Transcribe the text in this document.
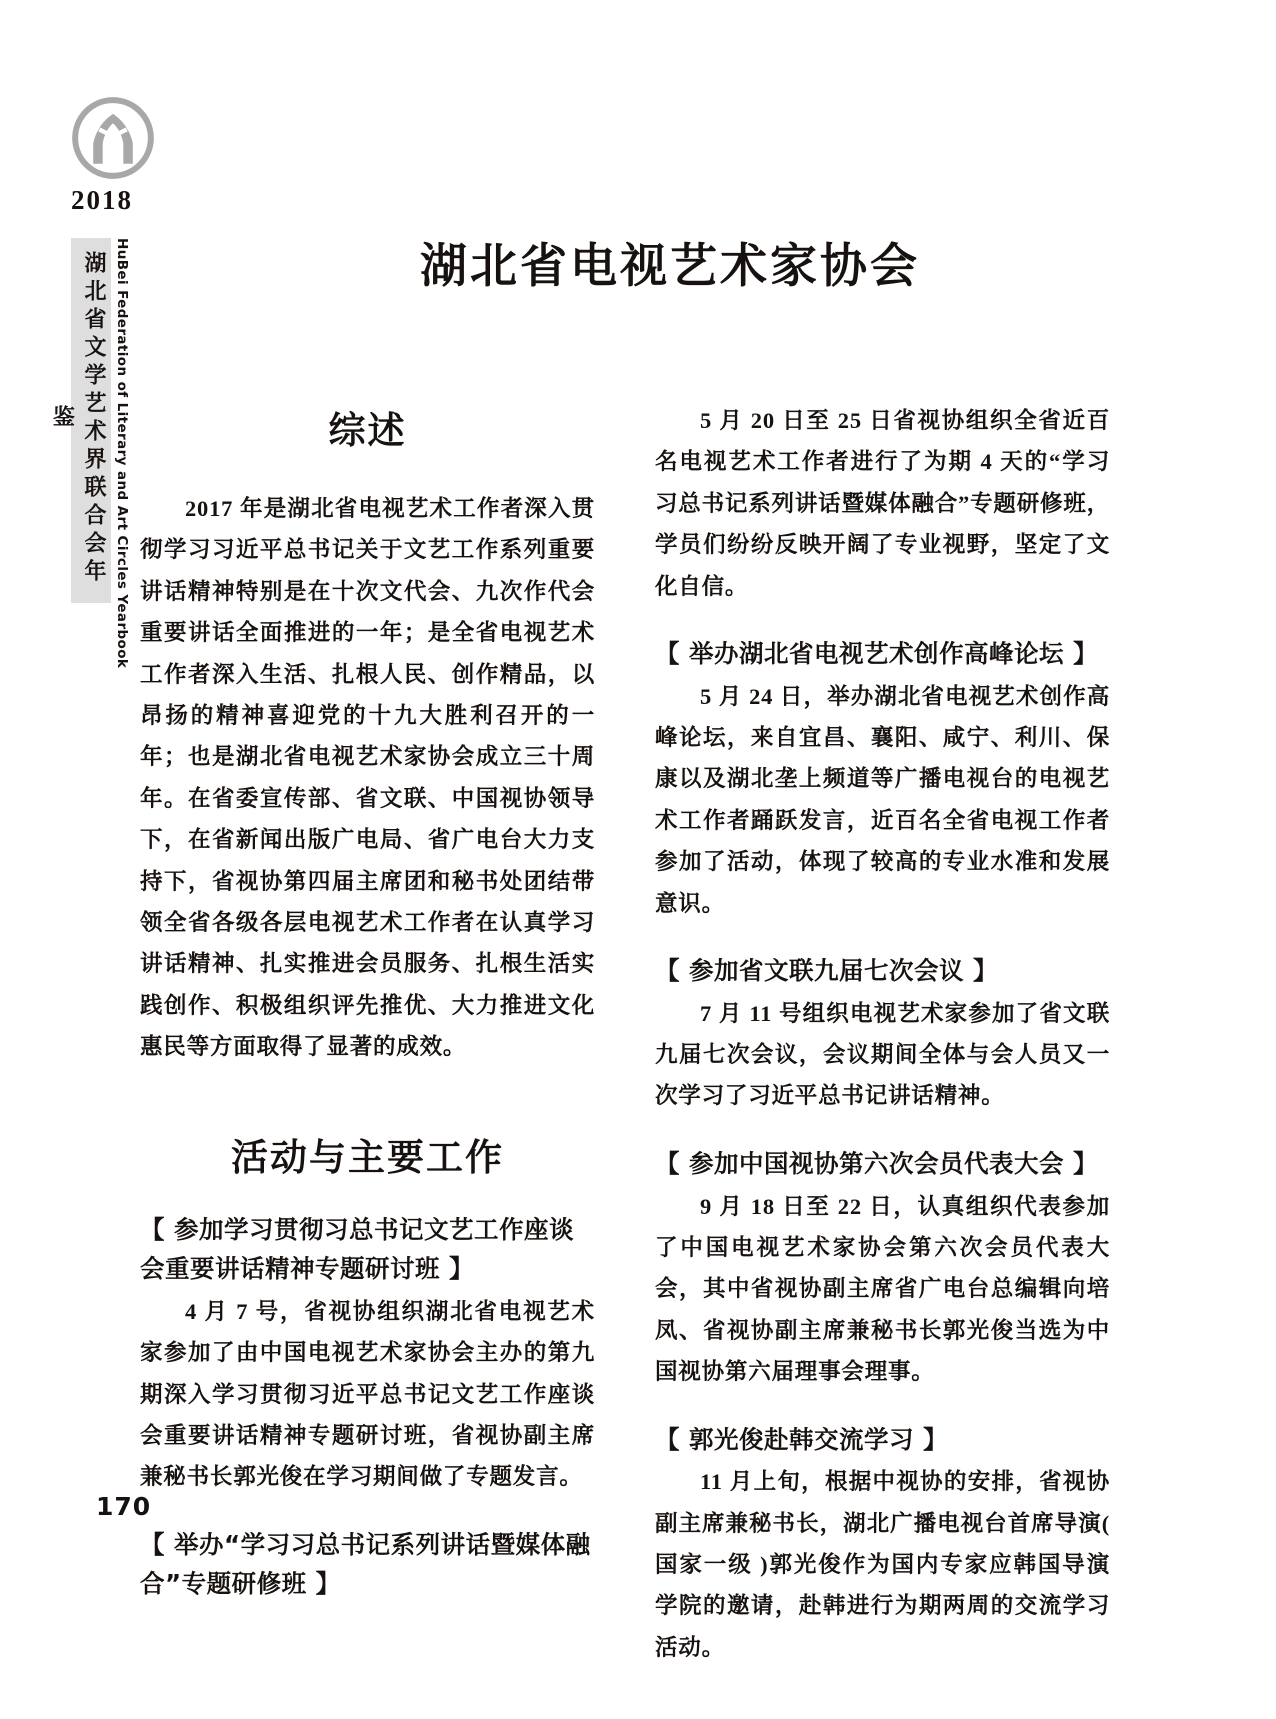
2018
湖北省文学艺术界联合会年鉴	HuBei Federation of Literary and Art Circles Yearbook	湖北省电视艺术家协会
综述

2017 年是湖北省电视艺术工作者深入贯彻学习习近平总书记关于文艺工作系列重要讲话精神特别是在十次文代会、九次作代会重要讲话全面推进的一年；是全省电视艺术工作者深入生活、扎根人民、创作精品，以昂扬的精神喜迎党的十九大胜利召开的一年；也是湖北省电视艺术家协会成立三十周年。在省委宣传部、省文联、中国视协领导下，在省新闻出版广电局、省广电台大力支持下，省视协第四届主席团和秘书处团结带领全省各级各层电视艺术工作者在认真学习讲话精神、扎实推进会员服务、扎根生活实践创作、积极组织评先推优、大力推进文化惠民等方面取得了显著的成效。

活动与主要工作
【 参加学习贯彻习总书记文艺工作座谈会重要讲话精神专题研讨班 】

4 月 7 号，省视协组织湖北省电视艺术家参加了由中国电视艺术家协会主办的第九期深入学习贯彻习近平总书记文艺工作座谈会重要讲话精神专题研讨班，省视协副主席兼秘书长郭光俊在学习期间做了专题发言。

【 举办“学习习总书记系列讲话暨媒体融合”专题研修班 】

5 月 20 日至 25 日省视协组织全省近百名电视艺术工作者进行了为期 4 天的“学习习总书记系列讲话暨媒体融合”专题研修班，学员们纷纷反映开阔了专业视野，坚定了文化自信。

【 举办湖北省电视艺术创作高峰论坛 】

5 月 24 日，举办湖北省电视艺术创作高峰论坛，来自宜昌、襄阳、咸宁、利川、保康以及湖北垄上频道等广播电视台的电视艺术工作者踊跃发言，近百名全省电视工作者参加了活动，体现了较高的专业水准和发展意识。

【 参加省文联九届七次会议 】

7 月 11 号组织电视艺术家参加了省文联九届七次会议，会议期间全体与会人员又一次学习了习近平总书记讲话精神。

【 参加中国视协第六次会员代表大会 】

9 月 18 日至 22 日，认真组织代表参加了中国电视艺术家协会第六次会员代表大会，其中省视协副主席省广电台总编辑向培凤、省视协副主席兼秘书长郭光俊当选为中国视协第六届理事会理事。

【 郭光俊赴韩交流学习 】

11 月上旬，根据中视协的安排，省视协副主席兼秘书长，湖北广播电视台首席导演( 国家一级 )郭光俊作为国内专家应韩国导演学院的邀请，赴韩进行为期两周的交流学习活动。

170
